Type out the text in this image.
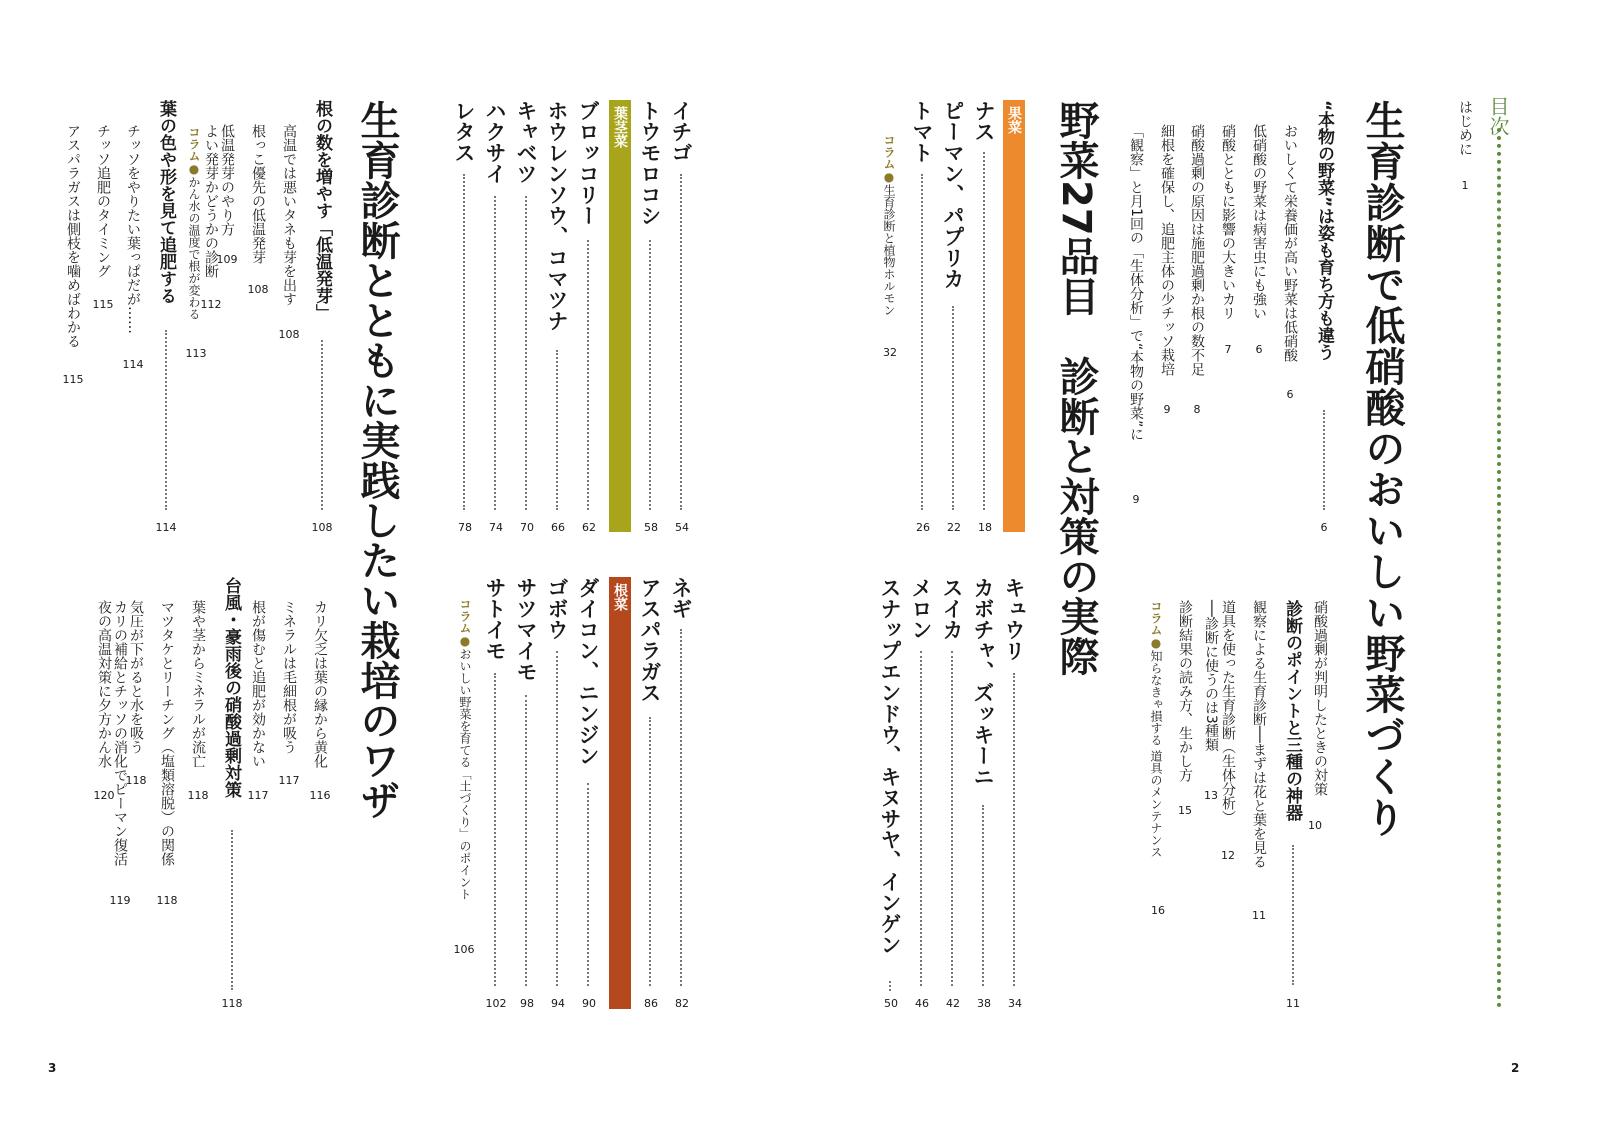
目次
はじめに
1
生育診断で低硝酸のおいしい野菜づくり
“本物の野菜”は姿も育ち方も違う
6
硝酸過剰が判明したときの対策
10
診断のポイントと三種の神器
11
コラム●知らなきゃ損する 道具のメンテナンス
16
野菜27品目　診断と対策の実際
果菜
葉茎菜
根菜
コラム●生育診断と植物ホルモン
32
コラム●おいしい野菜を育てる「土づくり」のポイント
106
生育診断とともに実践したい栽培のワザ
根の数を増やす「低温発芽」
108
コラム●かん水の温度で根が変わる
113
葉の色や形を見て追肥する
114
台風・豪雨後の硝酸過剰対策
118
3	2
おいしくて栄養価が高い野菜は低硝酸
6
低硝酸の野菜は病害虫にも強い
6
硝酸とともに影響の大きいカリ
7
硝酸過剰の原因は施肥過剰か根の数不足
8
細根を確保し、追肥主体の少チッソ栽培
9
「観察」と月1回の「生体分析」で“本物の野菜”に
9
観察による生育診断──まずは花と葉を見る
11
道具を使った生育診断（生体分析）
12
──診断に使うのは3種類
13
診断結果の読み方、生かし方
15
ナス
18
ピーマン、パプリカ
22
トマト
26
キュウリ
34
カボチャ、ズッキーニ
38
スイカ
42
メロン
46
スナップエンドウ、キヌサヤ、インゲン
50
イチゴ
54
トウモロコシ
58
ブロッコリー
62
ホウレンソウ、コマツナ
66
キャベツ
70
ハクサイ
74
レタス
78
ネギ
82
アスパラガス
86
ダイコン、ニンジン
90
ゴボウ
94
サツマイモ
98
サトイモ
102
高温では悪いタネも芽を出す
108
根っこ優先の低温発芽
108
低温発芽のやり方
109
よい発芽かどうかの診断
112
チッソをやりたい葉っぱだが……
114
チッソ追肥のタイミング
115
アスパラガスは側枝を噛めばわかる
115
カリ欠乏は葉の縁から黄化
116
ミネラルは毛細根が吸う
117
根が傷むと追肥が効かない
117
葉や茎からミネラルが流亡
118
マツタケとリーチング（塩類溶脱）の関係
118
気圧が下がると水を吸う
118
カリの補給とチッソの消化でピーマン復活
119
夜の高温対策に夕方かん水
120
